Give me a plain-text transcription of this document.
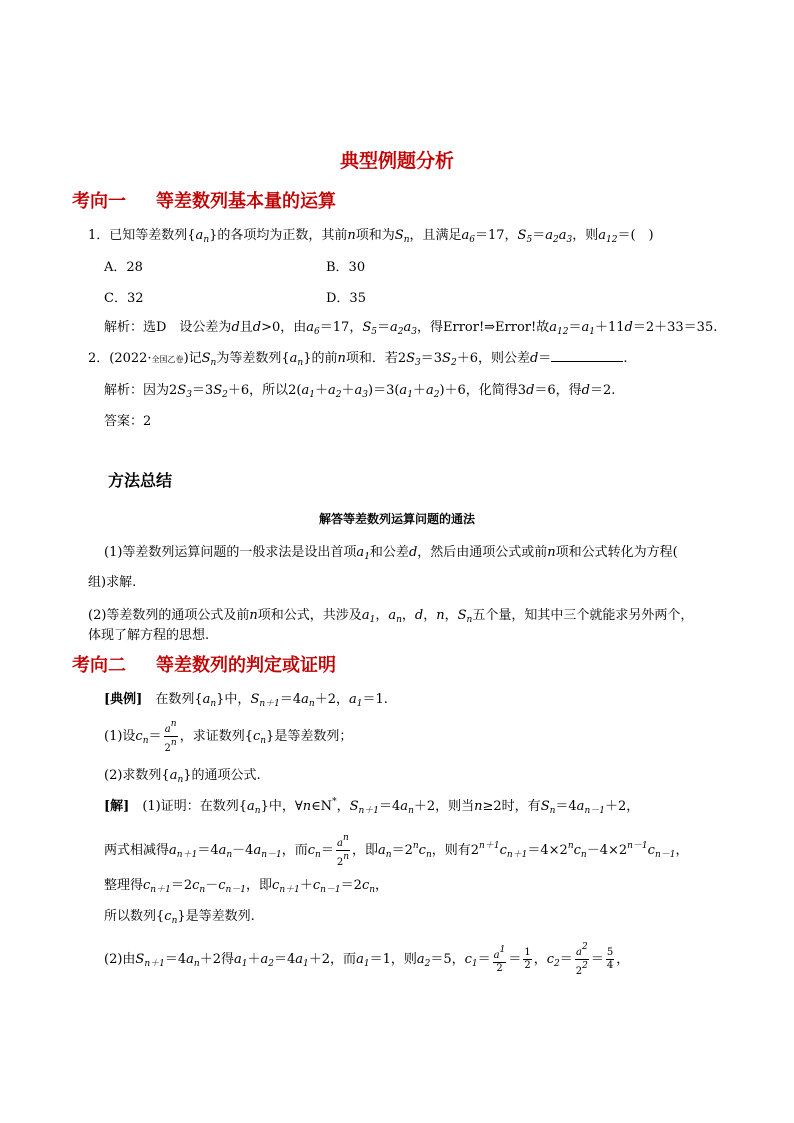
典型例题分析
考向一 等差数列基本量的运算
1．已知等差数列$\{a_n\}$的各项均为正数，其前n项和为$S_n$，且满足$a_6=17$，$S_5=a_2a_3$，则$a_{12}=$(　)
A．28	B．30
C．32	D．35
解析：选D　设公差为d且d>0，由$a_6=17$，$S_5=a_2a_3$，得Error!⇒Error!故$a_{12}=a_1+11d=2+33=35$.
2．(2022·全国乙卷)记$S_n$为等差数列$\{a_n\}$的前n项和．若$2S_3=3S_2+6$，则公差d＝	.
解析：因为$2S_3=3S_2+6$，所以$2(a_1+a_2+a_3)=3(a_1+a_2)+6$，化简得3d＝6，得d＝2.
答案：2
方法总结
解答等差数列运算问题的通法
(1)等差数列运算问题的一般求法是设出首项$a_1$和公差d，然后由通项公式或前n项和公式转化为方程(
组)求解.
(2)等差数列的通项公式及前n项和公式，共涉及$a_1$，$a_n$，d，n，$S_n$五个量，知其中三个就能求另外两个，
体现了解方程的思想.
考向二 等差数列的判定或证明
[典例]　在数列$\{a_n\}$中，$S_{n+1}=4a_n+2$，$a_1=1$.
(1)设$c_n= \frac{an}{2n}$ ，求证数列$\{c_n\}$是等差数列；
(2)求数列$\{a_n\}$的通项公式.
[解]　(1)证明：在数列$\{a_n\}$中，∀n∈N*，$S_{n+1}=4a_n+2$，则当n≥2时，有$S_n=4a_{n-1}+2$，
两式相减得$a_{n+1}=4a_n-4a_{n-1}$，而$c_n= \frac{an}{2n}$ ，即$a_n=2^nc_n$，则有$2^{n+1}c_{n+1}=4\times 2^nc_n-4\times 2^{n-1}c_{n-1}$，
整理得$c_{n+1}=2c_n-c_{n-1}$，即$c_{n+1}+c_{n-1}=2c_n$，
所以数列$\{c_n\}$是等差数列.
(2)由$S_{n+1}=4a_n+2$得$a_1+a_2=4a_1+2$，而$a_1=1$，则$a_2=5$，$c_1= \frac{a1}{2} = \frac{1}{2}$ ，$c_2= \frac{a2}{22} = \frac{5}{4}$ ，
